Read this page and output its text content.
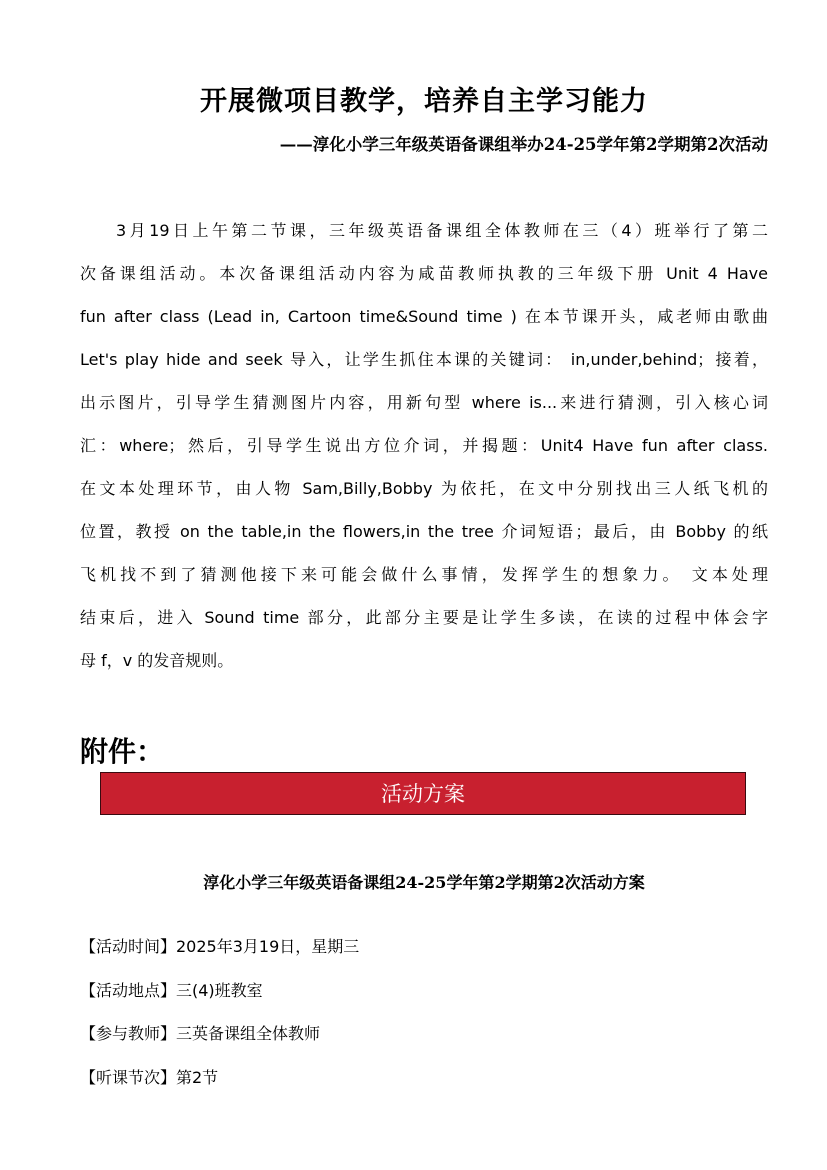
开展微项目教学，培养自主学习能力
——淳化小学三年级英语备课组举办24-25学年第2学期第2次活动
3月19日上午第二节课，三年级英语备课组全体教师在三（4）班举行了第二
次备课组活动。本次备课组活动内容为咸苗教师执教的三年级下册 Unit 4 Have
fun after class (Lead in, Cartoon time&Sound time ) 在本节课开头，咸老师由歌曲
Let's play hide and seek 导入，让学生抓住本课的关键词： in,under,behind；接着，
出示图片，引导学生猜测图片内容，用新句型 where is...来进行猜测，引入核心词
汇：where；然后，引导学生说出方位介词，并揭题：Unit4 Have fun after class.
在文本处理环节，由人物 Sam,Billy,Bobby 为依托，在文中分别找出三人纸飞机的
位置，教授 on the table,in the flowers,in the tree 介词短语；最后，由 Bobby 的纸
飞机找不到了猜测他接下来可能会做什么事情，发挥学生的想象力。 文本处理
结束后，进入 Sound time 部分，此部分主要是让学生多读，在读的过程中体会字
母 f，v 的发音规则。
附件：
活动方案
淳化小学三年级英语备课组24-25学年第2学期第2次活动方案
【活动时间】2025年3月19日，星期三
【活动地点】三(4)班教室
【参与教师】三英备课组全体教师
【听课节次】第2节
